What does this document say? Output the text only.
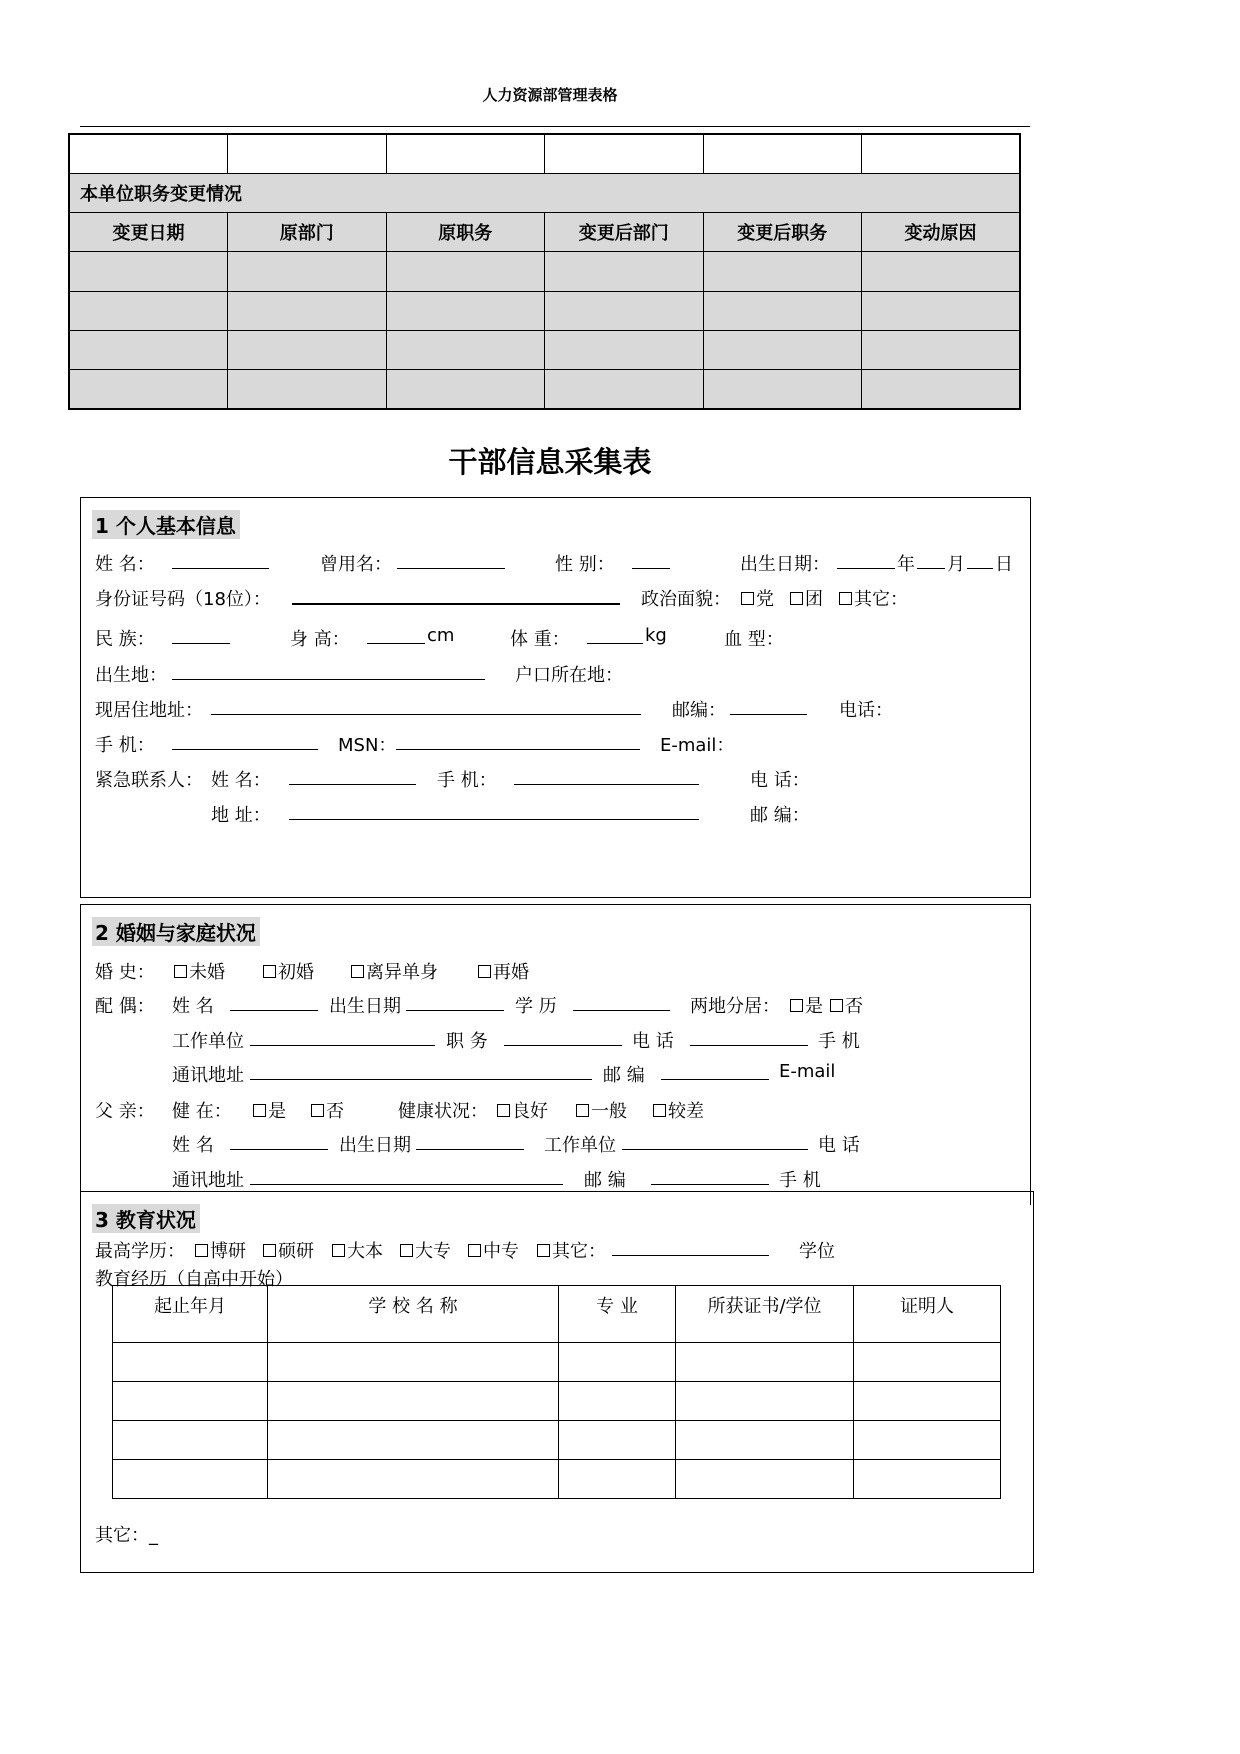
人力资源部管理表格

本单位职务变更情况					
变更日期	原部门	原职务	变更后部门	变更后职务	变动原因

干部信息采集表
1 个人基本信息
姓 名：	曾用名：	性 别：	出生日期：	年 月 日
身份证号码（18位）：	政治面貌：	党	团	其它：
民 族：	身 高：	cm	体 重：	kg	血 型：
出生地：	户口所在地：
现居住地址：	邮编：	电话：
手 机：	MSN：	E-mail：
紧急联系人： 姓 名：	手 机：	电 话：
地 址：	邮 编：
2 婚姻与家庭状况
婚 史：	未婚	初婚	离异单身	再婚
配 偶： 姓 名	出生日期	学 历	两地分居：	是	否
工作单位	职 务	电 话	手 机
通讯地址	邮 编	E-mail
父 亲： 健 在：	是	否	健康状况：	良好	一般	较差
姓 名	出生日期	工作单位	电 话
通讯地址	邮 编	手 机
3 教育状况
最高学历：	博研	硕研	大本	大专	中专	其它：	学位
教育经历（自高中开始）
起止年月	学 校 名 称	专 业	所获证书/学位	证明人

其它：_
